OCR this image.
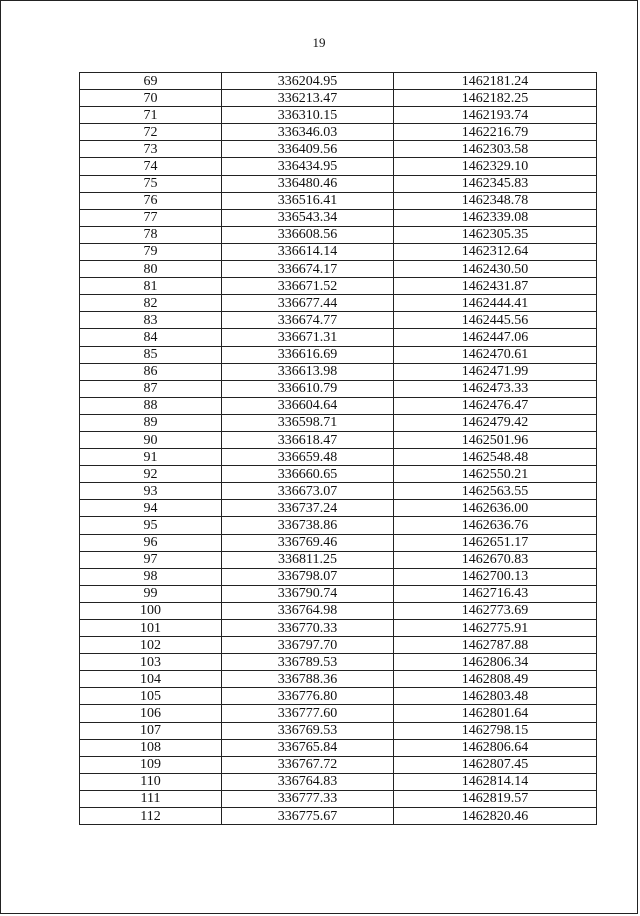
19
69	336204.95	1462181.24
70	336213.47	1462182.25
71	336310.15	1462193.74
72	336346.03	1462216.79
73	336409.56	1462303.58
74	336434.95	1462329.10
75	336480.46	1462345.83
76	336516.41	1462348.78
77	336543.34	1462339.08
78	336608.56	1462305.35
79	336614.14	1462312.64
80	336674.17	1462430.50
81	336671.52	1462431.87
82	336677.44	1462444.41
83	336674.77	1462445.56
84	336671.31	1462447.06
85	336616.69	1462470.61
86	336613.98	1462471.99
87	336610.79	1462473.33
88	336604.64	1462476.47
89	336598.71	1462479.42
90	336618.47	1462501.96
91	336659.48	1462548.48
92	336660.65	1462550.21
93	336673.07	1462563.55
94	336737.24	1462636.00
95	336738.86	1462636.76
96	336769.46	1462651.17
97	336811.25	1462670.83
98	336798.07	1462700.13
99	336790.74	1462716.43
100	336764.98	1462773.69
101	336770.33	1462775.91
102	336797.70	1462787.88
103	336789.53	1462806.34
104	336788.36	1462808.49
105	336776.80	1462803.48
106	336777.60	1462801.64
107	336769.53	1462798.15
108	336765.84	1462806.64
109	336767.72	1462807.45
110	336764.83	1462814.14
111	336777.33	1462819.57
112	336775.67	1462820.46
